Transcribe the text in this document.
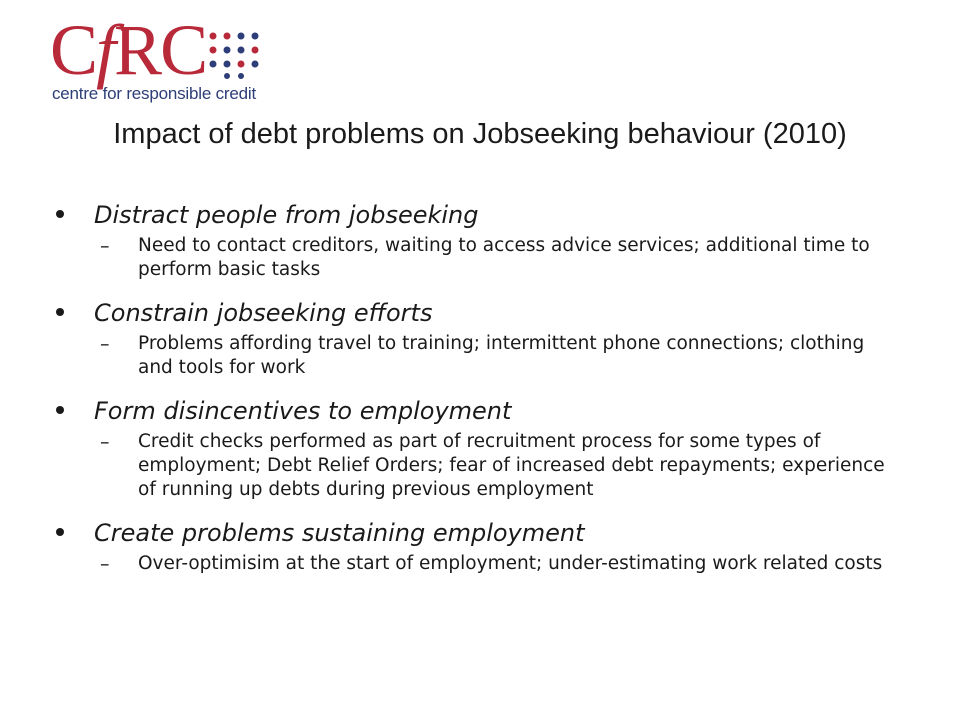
CfRC
centre for responsible credit
Impact of debt problems on Jobseeking behaviour (2010)
Distract people from jobseeking
– Need to contact creditors, waiting to access advice services; additional time to perform basic tasks
Constrain jobseeking efforts
– Problems affording travel to training; intermittent phone connections; clothing and tools for work
Form disincentives to employment
– Credit checks performed as part of recruitment process for some types of employment; Debt Relief Orders; fear of increased debt repayments; experience of running up debts during previous employment
Create problems sustaining employment
– Over-optimisim at the start of employment; under-estimating work related costs
